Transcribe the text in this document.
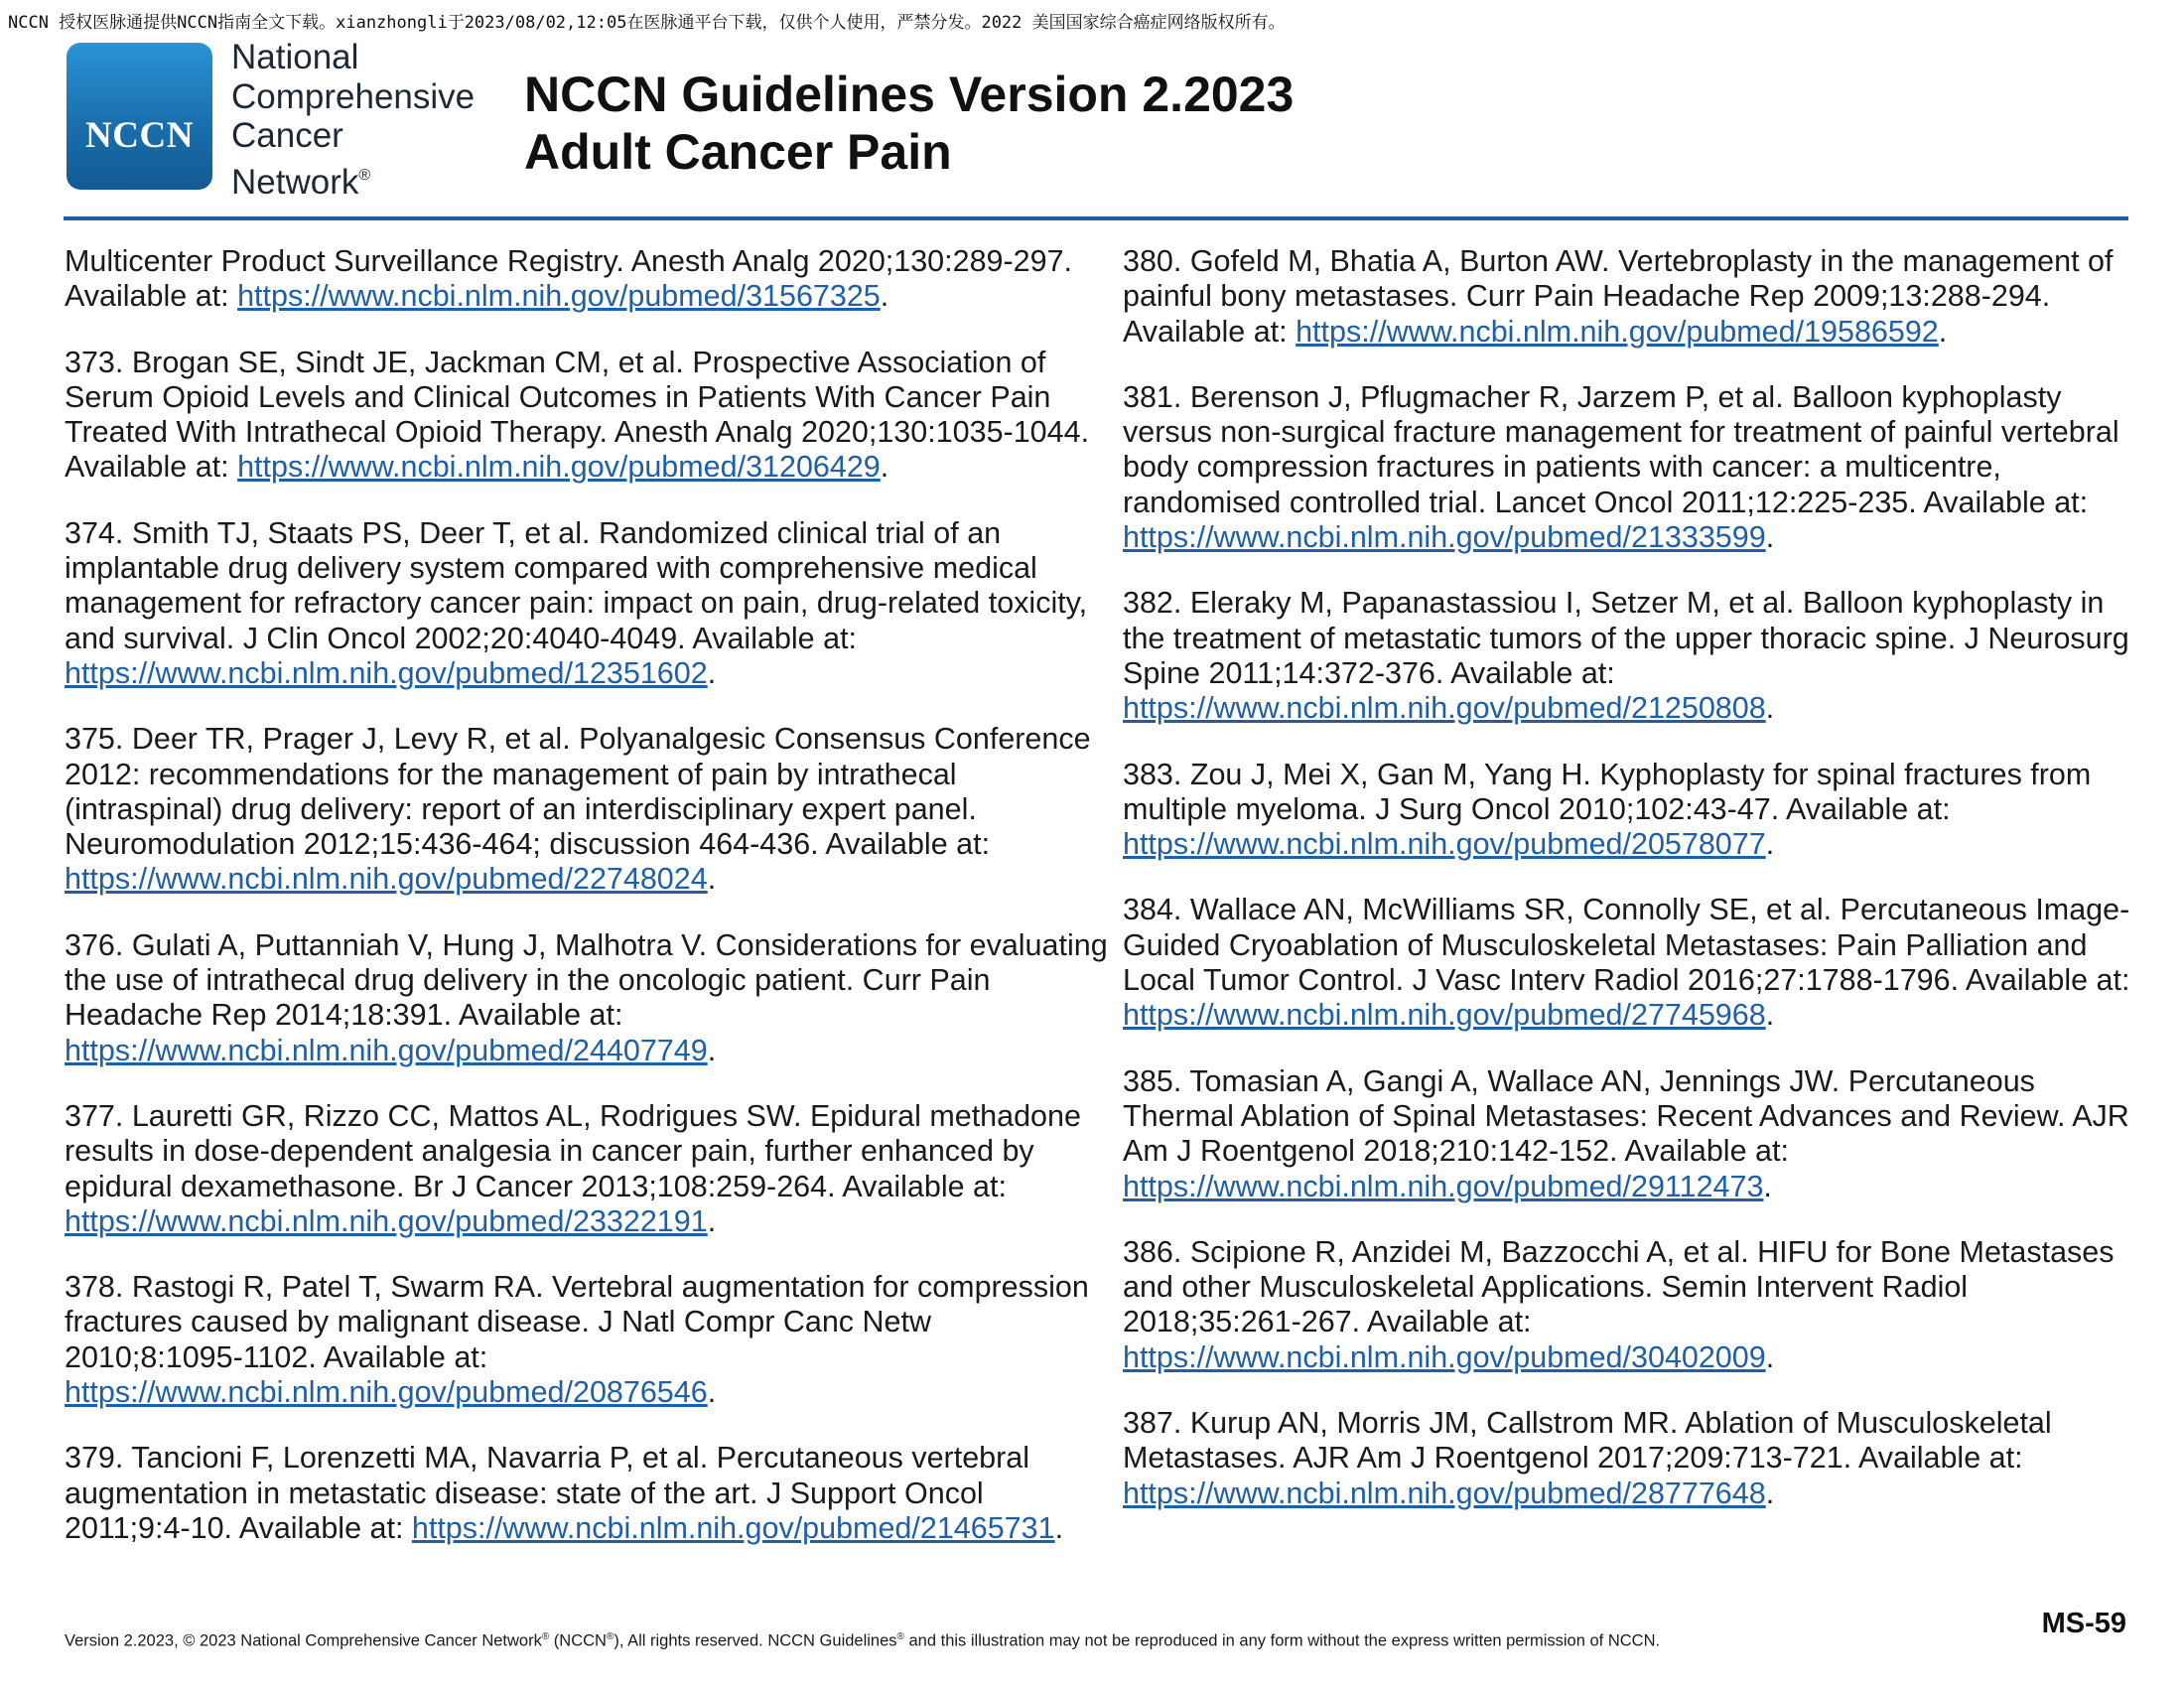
NCCN 授权医脉通提供NCCN指南全文下载。xianzhongli于2023/08/02,12:05在医脉通平台下载，仅供个人使用，严禁分发。2022 美国国家综合癌症网络版权所有。
NCCN
National
Comprehensive
Cancer
Network®
NCCN Guidelines Version 2.2023
Adult Cancer Pain
Multicenter Product Surveillance Registry. Anesth Analg 2020;130:289-297. Available at: https://www.ncbi.nlm.nih.gov/pubmed/31567325.
373. Brogan SE, Sindt JE, Jackman CM, et al. Prospective Association of Serum Opioid Levels and Clinical Outcomes in Patients With Cancer Pain Treated With Intrathecal Opioid Therapy. Anesth Analg 2020;130:1035-1044. Available at: https://www.ncbi.nlm.nih.gov/pubmed/31206429.
374. Smith TJ, Staats PS, Deer T, et al. Randomized clinical trial of an implantable drug delivery system compared with comprehensive medical management for refractory cancer pain: impact on pain, drug-related toxicity, and survival. J Clin Oncol 2002;20:4040-4049. Available at: https://www.ncbi.nlm.nih.gov/pubmed/12351602.
375. Deer TR, Prager J, Levy R, et al. Polyanalgesic Consensus Conference 2012: recommendations for the management of pain by intrathecal (intraspinal) drug delivery: report of an interdisciplinary expert panel. Neuromodulation 2012;15:436-464; discussion 464-436. Available at: https://www.ncbi.nlm.nih.gov/pubmed/22748024.
376. Gulati A, Puttanniah V, Hung J, Malhotra V. Considerations for evaluating the use of intrathecal drug delivery in the oncologic patient. Curr Pain Headache Rep 2014;18:391. Available at: https://www.ncbi.nlm.nih.gov/pubmed/24407749.
377. Lauretti GR, Rizzo CC, Mattos AL, Rodrigues SW. Epidural methadone results in dose-dependent analgesia in cancer pain, further enhanced by epidural dexamethasone. Br J Cancer 2013;108:259-264. Available at: https://www.ncbi.nlm.nih.gov/pubmed/23322191.
378. Rastogi R, Patel T, Swarm RA. Vertebral augmentation for compression fractures caused by malignant disease. J Natl Compr Canc Netw 2010;8:1095-1102. Available at: https://www.ncbi.nlm.nih.gov/pubmed/20876546.
379. Tancioni F, Lorenzetti MA, Navarria P, et al. Percutaneous vertebral augmentation in metastatic disease: state of the art. J Support Oncol 2011;9:4-10. Available at: https://www.ncbi.nlm.nih.gov/pubmed/21465731.
380. Gofeld M, Bhatia A, Burton AW. Vertebroplasty in the management of painful bony metastases. Curr Pain Headache Rep 2009;13:288-294. Available at: https://www.ncbi.nlm.nih.gov/pubmed/19586592.
381. Berenson J, Pflugmacher R, Jarzem P, et al. Balloon kyphoplasty versus non-surgical fracture management for treatment of painful vertebral body compression fractures in patients with cancer: a multicentre, randomised controlled trial. Lancet Oncol 2011;12:225-235. Available at: https://www.ncbi.nlm.nih.gov/pubmed/21333599.
382. Eleraky M, Papanastassiou I, Setzer M, et al. Balloon kyphoplasty in the treatment of metastatic tumors of the upper thoracic spine. J Neurosurg Spine 2011;14:372-376. Available at: https://www.ncbi.nlm.nih.gov/pubmed/21250808.
383. Zou J, Mei X, Gan M, Yang H. Kyphoplasty for spinal fractures from multiple myeloma. J Surg Oncol 2010;102:43-47. Available at: https://www.ncbi.nlm.nih.gov/pubmed/20578077.
384. Wallace AN, McWilliams SR, Connolly SE, et al. Percutaneous Image-Guided Cryoablation of Musculoskeletal Metastases: Pain Palliation and Local Tumor Control. J Vasc Interv Radiol 2016;27:1788-1796. Available at: https://www.ncbi.nlm.nih.gov/pubmed/27745968.
385. Tomasian A, Gangi A, Wallace AN, Jennings JW. Percutaneous Thermal Ablation of Spinal Metastases: Recent Advances and Review. AJR Am J Roentgenol 2018;210:142-152. Available at: https://www.ncbi.nlm.nih.gov/pubmed/29112473.
386. Scipione R, Anzidei M, Bazzocchi A, et al. HIFU for Bone Metastases and other Musculoskeletal Applications. Semin Intervent Radiol 2018;35:261-267. Available at: https://www.ncbi.nlm.nih.gov/pubmed/30402009.
387. Kurup AN, Morris JM, Callstrom MR. Ablation of Musculoskeletal Metastases. AJR Am J Roentgenol 2017;209:713-721. Available at: https://www.ncbi.nlm.nih.gov/pubmed/28777648.
Version 2.2023, © 2023 National Comprehensive Cancer Network® (NCCN®), All rights reserved. NCCN Guidelines® and this illustration may not be reproduced in any form without the express written permission of NCCN.
MS-59
